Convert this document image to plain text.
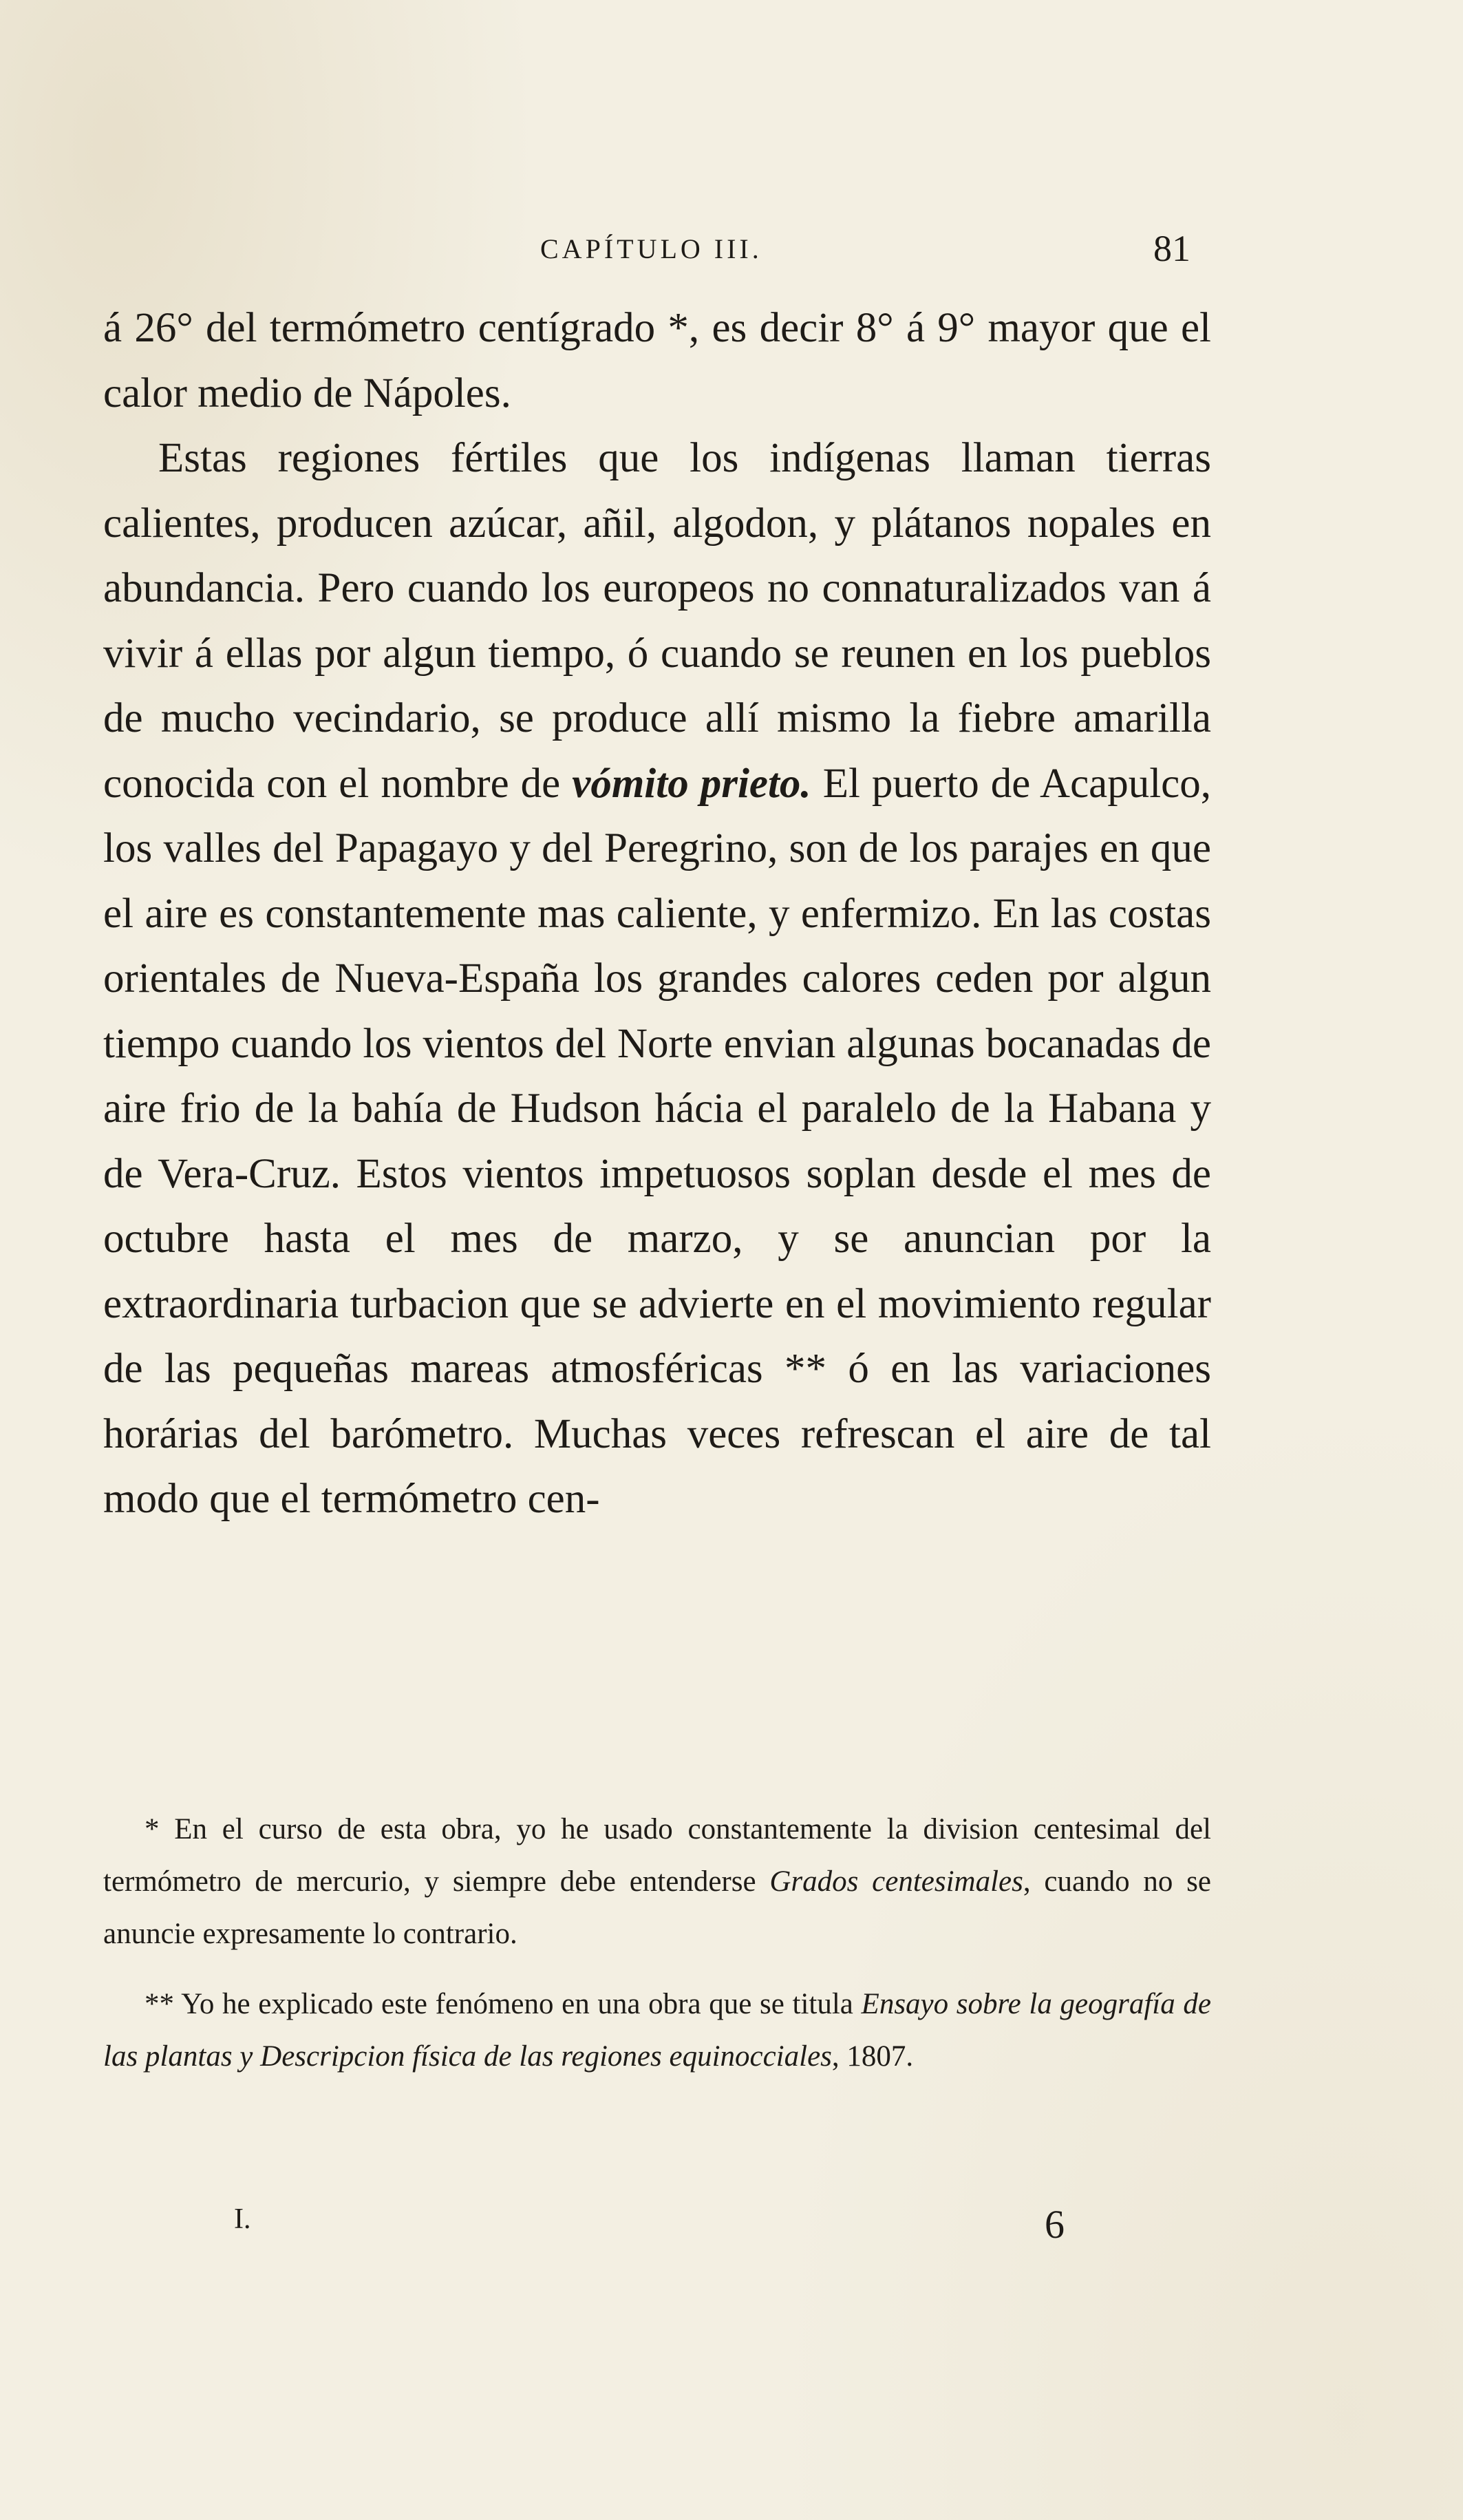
CAPÍTULO III.	81

á 26° del termómetro centígrado *, es decir 8° á 9° mayor que el calor medio de Nápoles.

Estas regiones fértiles que los indígenas llaman tierras calientes, producen azúcar, añil, algodon, y plátanos nopales en abundancia. Pero cuando los europeos no connaturalizados van á vivir á ellas por algun tiempo, ó cuando se reunen en los pueblos de mucho vecindario, se produce allí mismo la fiebre amarilla conocida con el nombre de vómito prieto. El puerto de Acapulco, los valles del Papagayo y del Peregrino, son de los parajes en que el aire es constantemente mas caliente, y enfermizo. En las costas orientales de Nueva-España los grandes calores ceden por algun tiempo cuando los vientos del Norte envian algunas bocanadas de aire frio de la bahía de Hudson hácia el paralelo de la Habana y de Vera-Cruz. Estos vientos impetuosos soplan desde el mes de octubre hasta el mes de marzo, y se anuncian por la extraordinaria turbacion que se advierte en el movimiento regular de las pequeñas mareas atmosféricas ** ó en las variaciones horárias del barómetro. Muchas veces refrescan el aire de tal modo que el termómetro cen-

* En el curso de esta obra, yo he usado constantemente la division centesimal del termómetro de mercurio, y siempre debe entenderse Grados centesimales, cuando no se anuncie expresamente lo contrario.

** Yo he explicado este fenómeno en una obra que se titula Ensayo sobre la geografía de las plantas y Descripcion física de las regiones equinocciales, 1807.

I.	6
